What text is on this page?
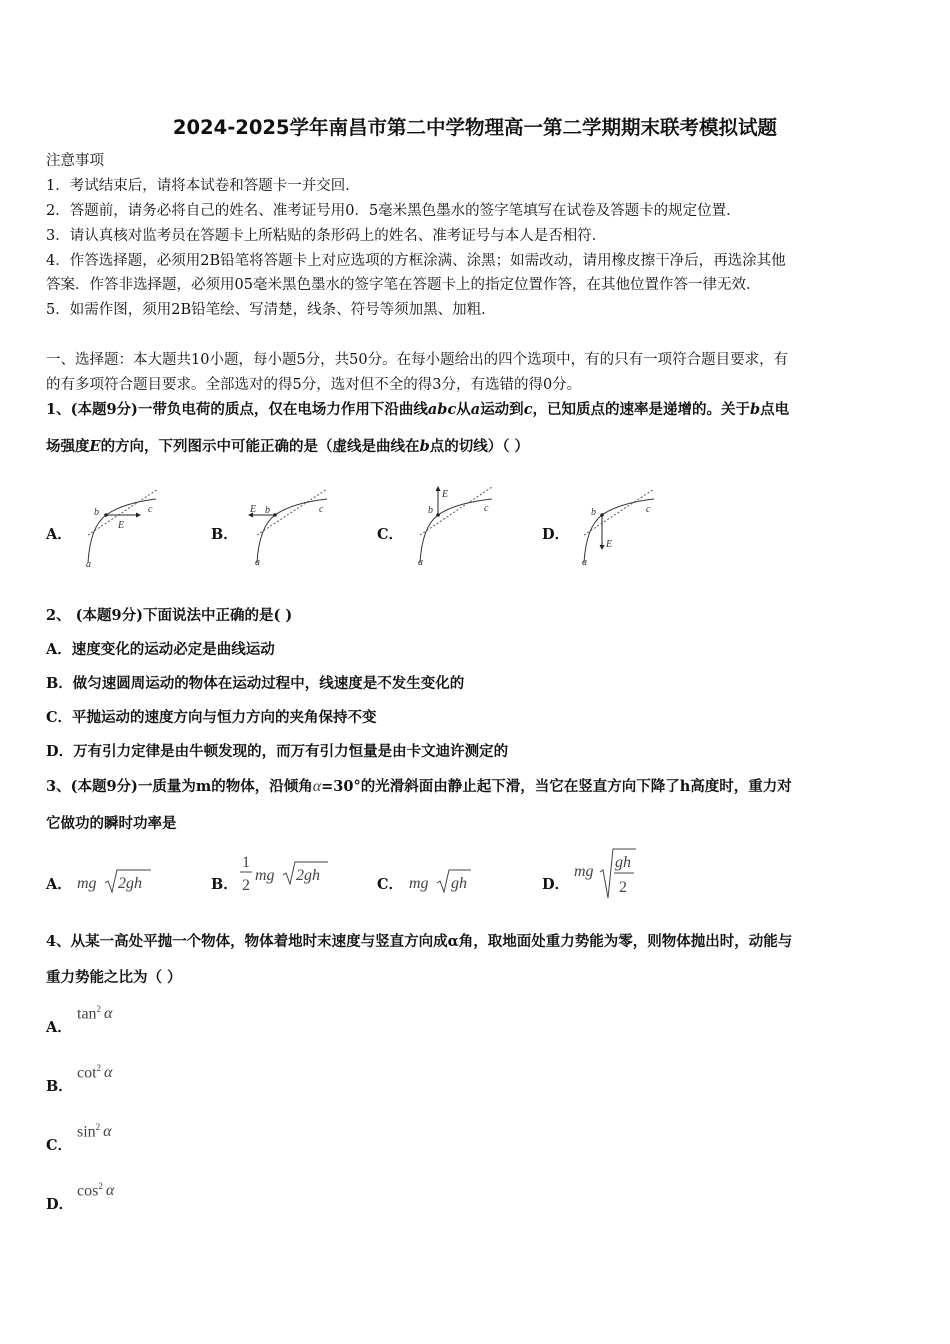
2024-2025学年南昌市第二中学物理高一第二学期期末联考模拟试题
注意事项
1．考试结束后，请将本试卷和答题卡一并交回．
2．答题前，请务必将自己的姓名、准考证号用0．5毫米黑色墨水的签字笔填写在试卷及答题卡的规定位置．
3．请认真核对监考员在答题卡上所粘贴的条形码上的姓名、准考证号与本人是否相符．
4．作答选择题，必须用2B铅笔将答题卡上对应选项的方框涂满、涂黑；如需改动，请用橡皮擦干净后，再选涂其他
答案．作答非选择题，必须用05毫米黑色墨水的签字笔在答题卡上的指定位置作答，在其他位置作答一律无效．
5．如需作图，须用2B铅笔绘、写清楚，线条、符号等须加黑、加粗．
一、选择题：本大题共10小题，每小题5分，共50分。在每小题给出的四个选项中，有的只有一项符合题目要求，有
的有多项符合题目要求。全部选对的得5分，选对但不全的得3分，有选错的得0分。
1、(本题9分)一带负电荷的质点，仅在电场力作用下沿曲线abc从a运动到c，已知质点的速率是递增的。关于b点电
场强度E的方向，下列图示中可能正确的是（虚线是曲线在b点的切线）（ ）
A．	B．	C．	D．
b
E
c
a
E b	c
a
E
b	c
a
b
E
c
a
2、 (本题9分)下面说法中正确的是( )
A．速度变化的运动必定是曲线运动
B．做匀速圆周运动的物体在运动过程中，线速度是不发生变化的
C．平抛运动的速度方向与恒力方向的夹角保持不变
D．万有引力定律是由牛顿发现的，而万有引力恒量是由卡文迪许测定的
3、(本题9分)一质量为m的物体，沿倾角α=30°的光滑斜面由静止起下滑，当它在竖直方向下降了h高度时，重力对
它做功的瞬时功率是
A．	B．	C．	D．
mg 2gh
1
2
mg 2gh	mg gh
mg
gh
2
4、从某一高处平抛一个物体，物体着地时末速度与竖直方向成α角，取地面处重力势能为零，则物体抛出时，动能与
重力势能之比为（ ）
A．
B．
C．
D．
$\tan^2 \alpha$
$\cot^2 \alpha$
$\sin^2 \alpha$
$\cos^2 \alpha$
